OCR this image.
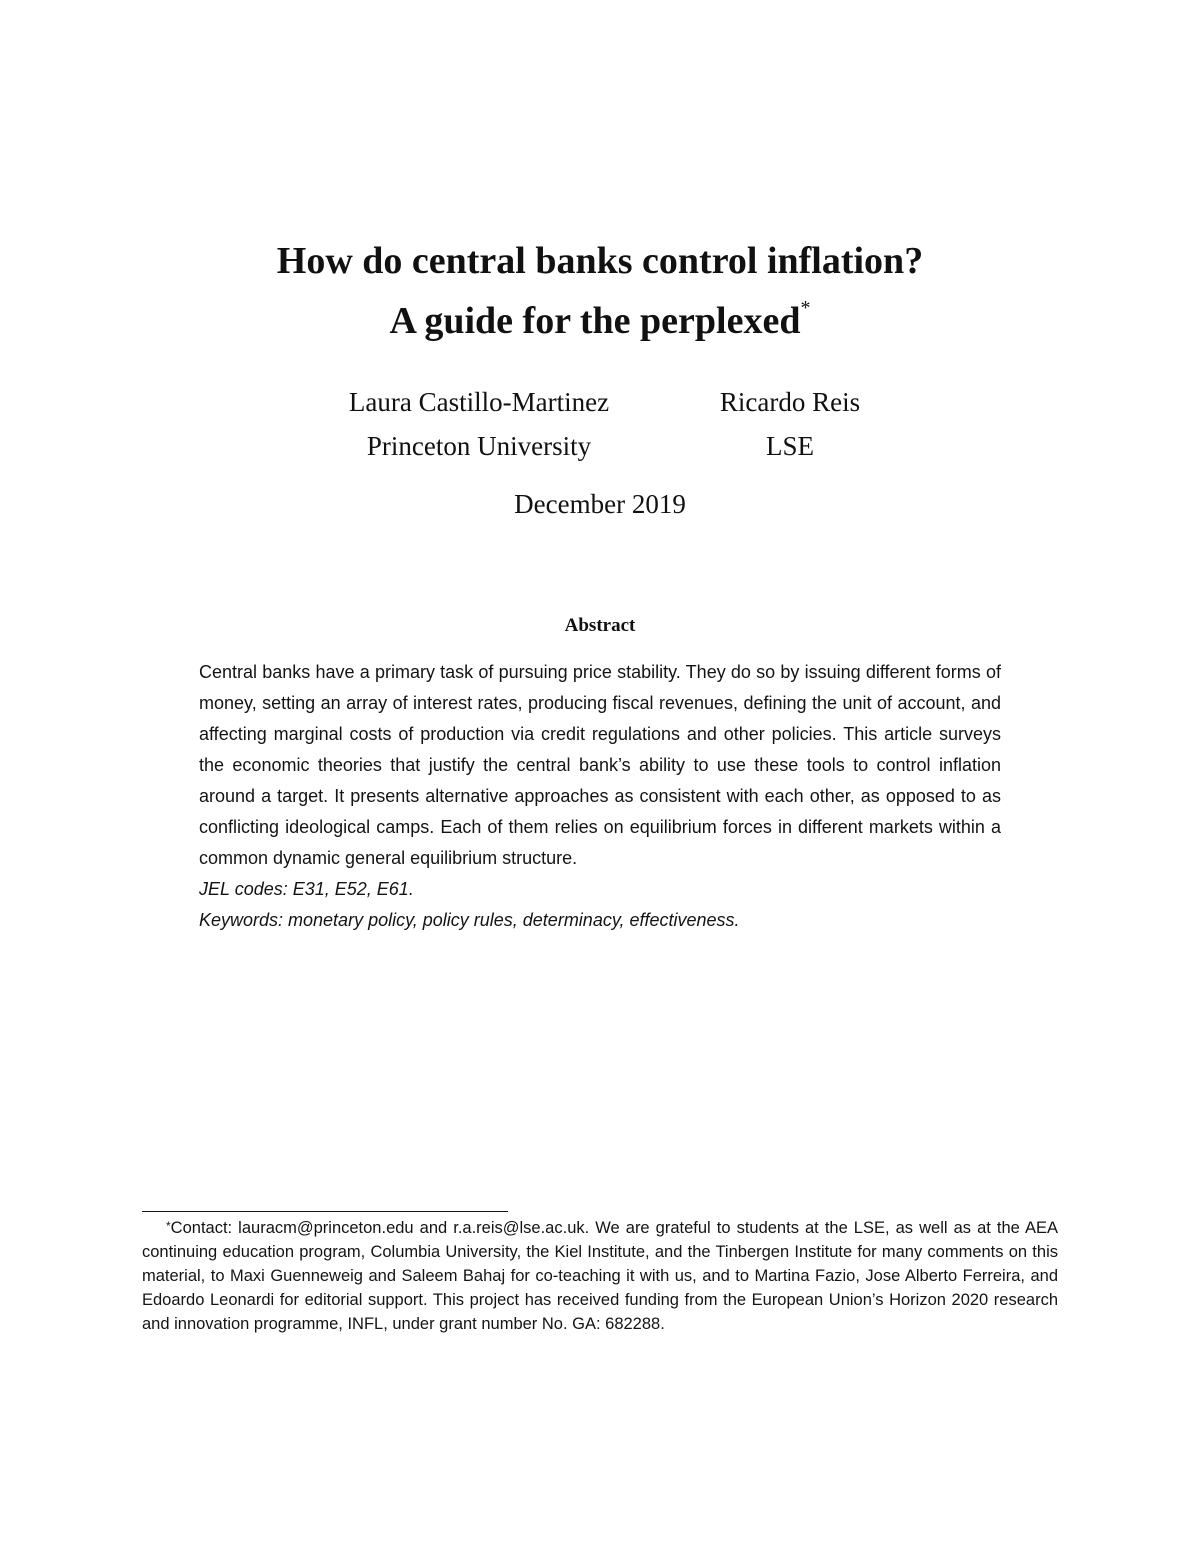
How do central banks control inflation?
A guide for the perplexed*
Laura Castillo-Martinez
Princeton University
Ricardo Reis
LSE
December 2019
Abstract

Central banks have a primary task of pursuing price stability. They do so by issuing different forms of money, setting an array of interest rates, producing fiscal revenues, defining the unit of account, and affecting marginal costs of production via credit regulations and other policies. This article surveys the economic theories that justify the central bank’s ability to use these tools to control inflation around a target. It presents alternative approaches as consistent with each other, as opposed to as conflicting ideological camps. Each of them relies on equilibrium forces in different markets within a common dynamic general equilibrium structure.

JEL codes: E31, E52, E61.

Keywords: monetary policy, policy rules, determinacy, effectiveness.

*Contact: lauracm@princeton.edu and r.a.reis@lse.ac.uk. We are grateful to students at the LSE, as well as at the AEA continuing education program, Columbia University, the Kiel Institute, and the Tinbergen Institute for many comments on this material, to Maxi Guenneweig and Saleem Bahaj for co-teaching it with us, and to Martina Fazio, Jose Alberto Ferreira, and Edoardo Leonardi for editorial support. This project has received funding from the European Union’s Horizon 2020 research and innovation programme, INFL, under grant number No. GA: 682288.
